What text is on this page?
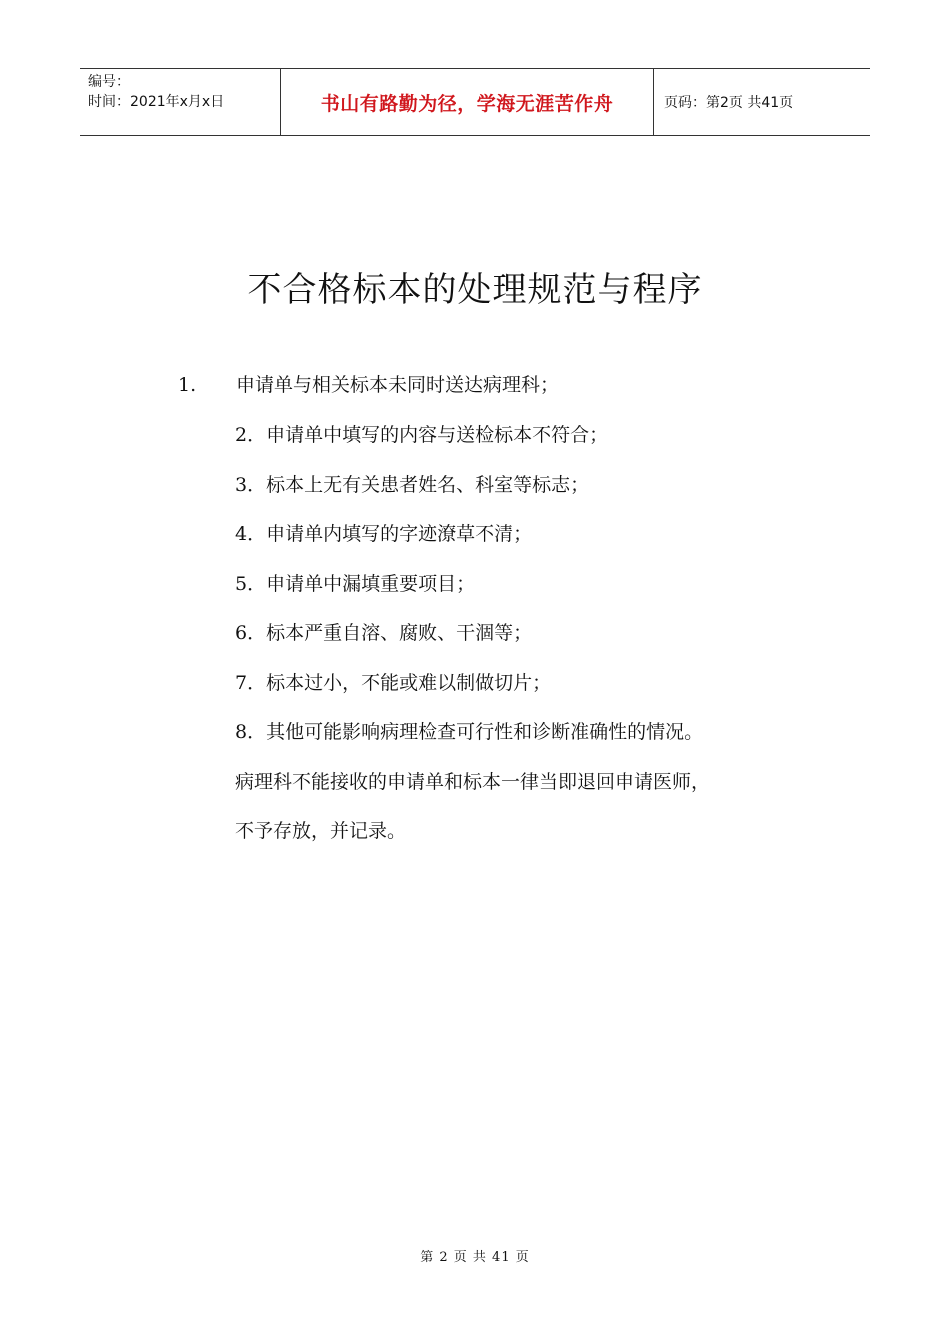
编号：
时间：2021年x月x日	书山有路勤为径，学海无涯苦作舟	页码：第2页 共41页
不合格标本的处理规范与程序
1. 申请单与相关标本未同时送达病理科；
2．申请单中填写的内容与送检标本不符合；
3．标本上无有关患者姓名、科室等标志；
4．申请单内填写的字迹潦草不清；
5．申请单中漏填重要项目；
6．标本严重自溶、腐败、干涸等；
7．标本过小，不能或难以制做切片；
8．其他可能影响病理检查可行性和诊断准确性的情况。
病理科不能接收的申请单和标本一律当即退回申请医师，
不予存放，并记录。
第 2 页 共 41 页
